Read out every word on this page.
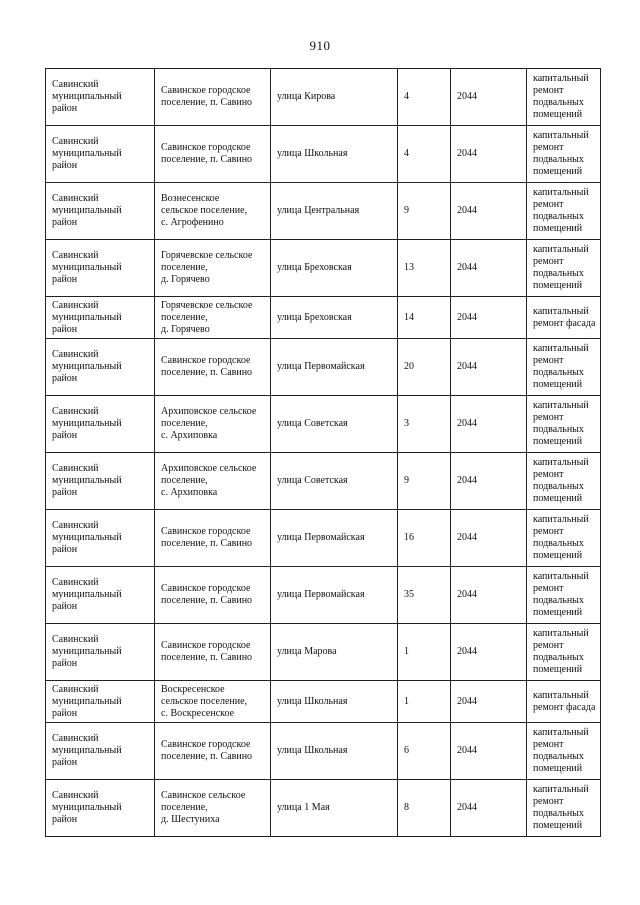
910
Савинский
муниципальный
район	Савинское городское
поселение, п. Савино	улица Кирова	4	2044	капитальный
ремонт
подвальных
помещений
Савинский
муниципальный
район	Савинское городское
поселение, п. Савино	улица Школьная	4	2044	капитальный
ремонт
подвальных
помещений
Савинский
муниципальный
район	Вознесенское
сельское поселение,
с. Агрофенино	улица Центральная	9	2044	капитальный
ремонт
подвальных
помещений
Савинский
муниципальный
район	Горячевское сельское
поселение,
д. Горячево	улица Бреховская	13	2044	капитальный
ремонт
подвальных
помещений
Савинский
муниципальный
район	Горячевское сельское
поселение,
д. Горячево	улица Бреховская	14	2044	капитальный
ремонт фасада
Савинский
муниципальный
район	Савинское городское
поселение, п. Савино	улица Первомайская	20	2044	капитальный
ремонт
подвальных
помещений
Савинский
муниципальный
район	Архиповское сельское
поселение,
с. Архиповка	улица Советская	3	2044	капитальный
ремонт
подвальных
помещений
Савинский
муниципальный
район	Архиповское сельское
поселение,
с. Архиповка	улица Советская	9	2044	капитальный
ремонт
подвальных
помещений
Савинский
муниципальный
район	Савинское городское
поселение, п. Савино	улица Первомайская	16	2044	капитальный
ремонт
подвальных
помещений
Савинский
муниципальный
район	Савинское городское
поселение, п. Савино	улица Первомайская	35	2044	капитальный
ремонт
подвальных
помещений
Савинский
муниципальный
район	Савинское городское
поселение, п. Савино	улица Марова	1	2044	капитальный
ремонт
подвальных
помещений
Савинский
муниципальный
район	Воскресенское
сельское поселение,
с. Воскресенское	улица Школьная	1	2044	капитальный
ремонт фасада
Савинский
муниципальный
район	Савинское городское
поселение, п. Савино	улица Школьная	6	2044	капитальный
ремонт
подвальных
помещений
Савинский
муниципальный
район	Савинское сельское
поселение,
д. Шестуниха	улица 1 Мая	8	2044	капитальный
ремонт
подвальных
помещений
